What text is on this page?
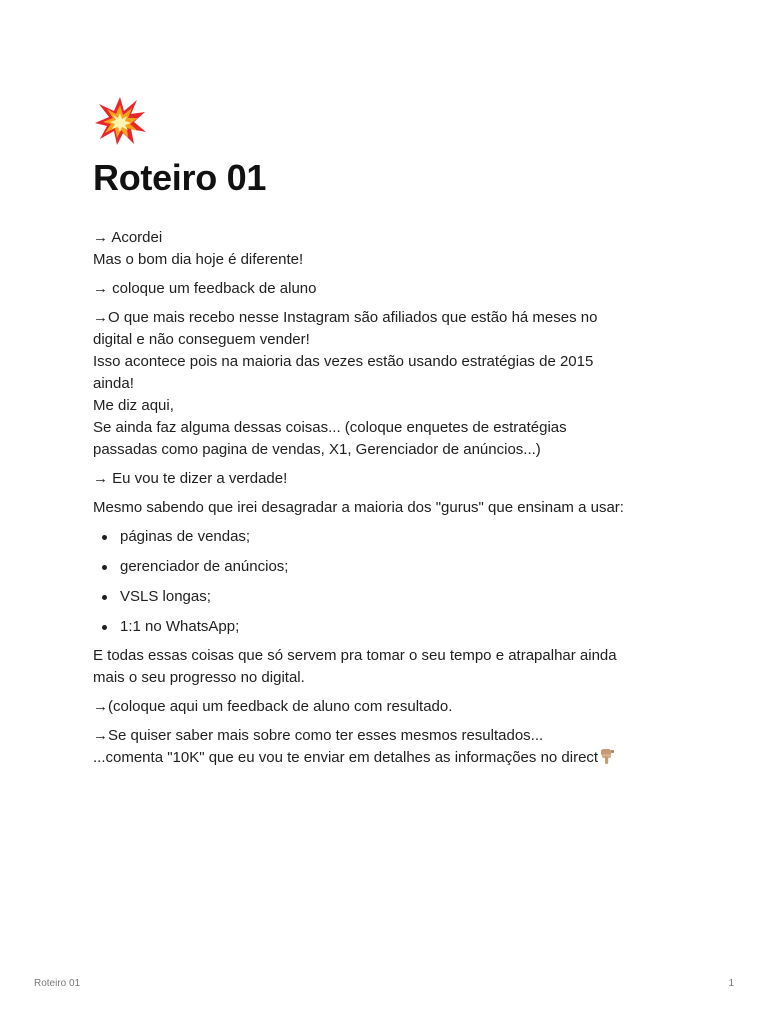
Roteiro 01

→ Acordei
Mas o bom dia hoje é diferente!

→ coloque um feedback de aluno

→O que mais recebo nesse Instagram são afiliados que estão há meses no
digital e não conseguem vender!
Isso acontece pois na maioria das vezes estão usando estratégias de 2015
ainda!
Me diz aqui,
Se ainda faz alguma dessas coisas... (coloque enquetes de estratégias
passadas como pagina de vendas, X1, Gerenciador de anúncios...)

→ Eu vou te dizer a verdade!

Mesmo sabendo que irei desagradar a maioria dos "gurus" que ensinam a usar:

páginas de vendas;
gerenciador de anúncios;
VSLS longas;
1:1 no WhatsApp;

E todas essas coisas que só servem pra tomar o seu tempo e atrapalhar ainda
mais o seu progresso no digital.

→(coloque aqui um feedback de aluno com resultado.

→Se quiser saber mais sobre como ter esses mesmos resultados...
...comenta "10K" que eu vou te enviar em detalhes as informações no direct

Roteiro 01	1
